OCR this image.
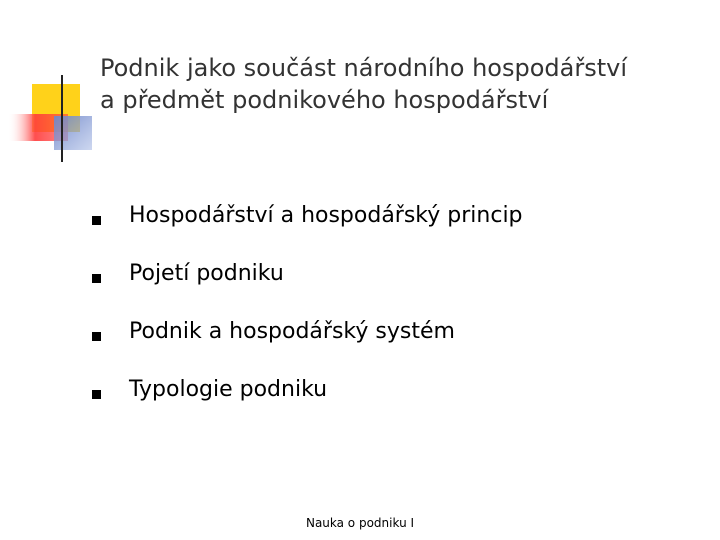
Podnik jako součást národního hospodářství
a předmět podnikového hospodářství
Hospodářství a hospodářský princip
Pojetí podniku
Podnik a hospodářský systém
Typologie podniku
Nauka o podniku I
